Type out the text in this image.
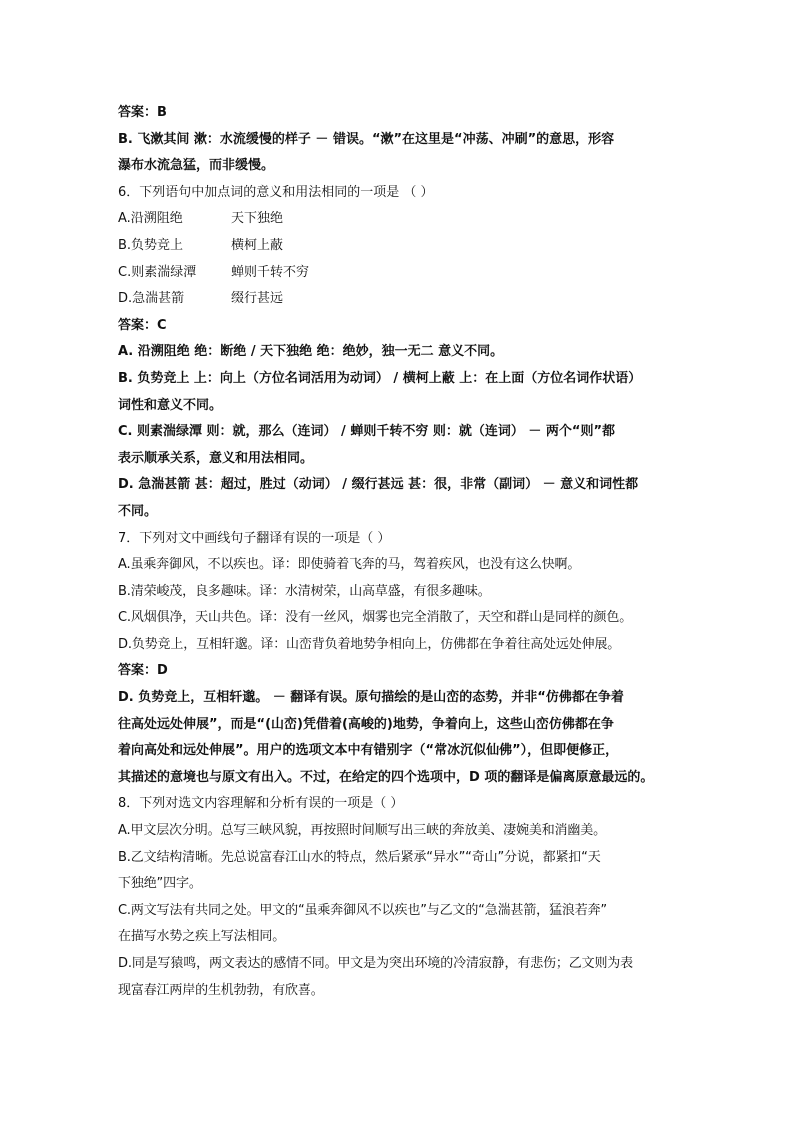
答案：B
B. 飞漱其间 漱：水流缓慢的样子 － 错误。“漱”在这里是“冲荡、冲刷”的意思，形容
瀑布水流急猛，而非缓慢。
6．下列语句中加点词的意义和用法相同的一项是 （ ）
A.沿溯阻绝	天下独绝
B.负势竞上	横柯上蔽
C.则素湍绿潭	蝉则千转不穷
D.急湍甚箭	缀行甚远
答案：C
A. 沿溯阻绝 绝：断绝 / 天下独绝 绝：绝妙，独一无二 意义不同。
B. 负势竞上 上：向上（方位名词活用为动词） / 横柯上蔽 上：在上面（方位名词作状语）
词性和意义不同。
C. 则素湍绿潭 则：就，那么（连词） / 蝉则千转不穷 则：就（连词） － 两个“则”都
表示顺承关系，意义和用法相同。
D. 急湍甚箭 甚：超过，胜过（动词） / 缀行甚远 甚：很，非常（副词） － 意义和词性都
不同。
7．下列对文中画线句子翻译有误的一项是（ ）
A.虽乘奔御风，不以疾也。译：即使骑着飞奔的马，驾着疾风，也没有这么快啊。
B.清荣峻茂，良多趣味。译：水清树荣，山高草盛，有很多趣味。
C.风烟俱净，天山共色。译：没有一丝风，烟雾也完全消散了，天空和群山是同样的颜色。
D.负势竞上，互相轩邈。译：山峦背负着地势争相向上，仿佛都在争着往高处远处伸展。
答案：D
D. 负势竞上，互相轩邈。 － 翻译有误。原句描绘的是山峦的态势，并非“仿佛都在争着
往高处远处伸展”，而是“(山峦)凭借着(高峻的)地势，争着向上，这些山峦仿佛都在争
着向高处和远处伸展”。用户的选项文本中有错别字（“常冰沉似仙佛”），但即便修正，
其描述的意境也与原文有出入。不过，在给定的四个选项中，D 项的翻译是偏离原意最远的。
8．下列对选文内容理解和分析有误的一项是（ ）
A.甲文层次分明。总写三峡风貌，再按照时间顺写出三峡的奔放美、凄婉美和消幽美。
B.乙文结构清晰。先总说富春江山水的特点，然后紧承“异水”“奇山”分说，都紧扣“天
下独绝”四字。
C.两文写法有共同之处。甲文的“虽乘奔御风不以疾也”与乙文的“急湍甚箭，猛浪若奔”
在描写水势之疾上写法相同。
D.同是写猿鸣，两文表达的感情不同。甲文是为突出环境的冷清寂静，有悲伤；乙文则为表
现富春江两岸的生机勃勃，有欣喜。
